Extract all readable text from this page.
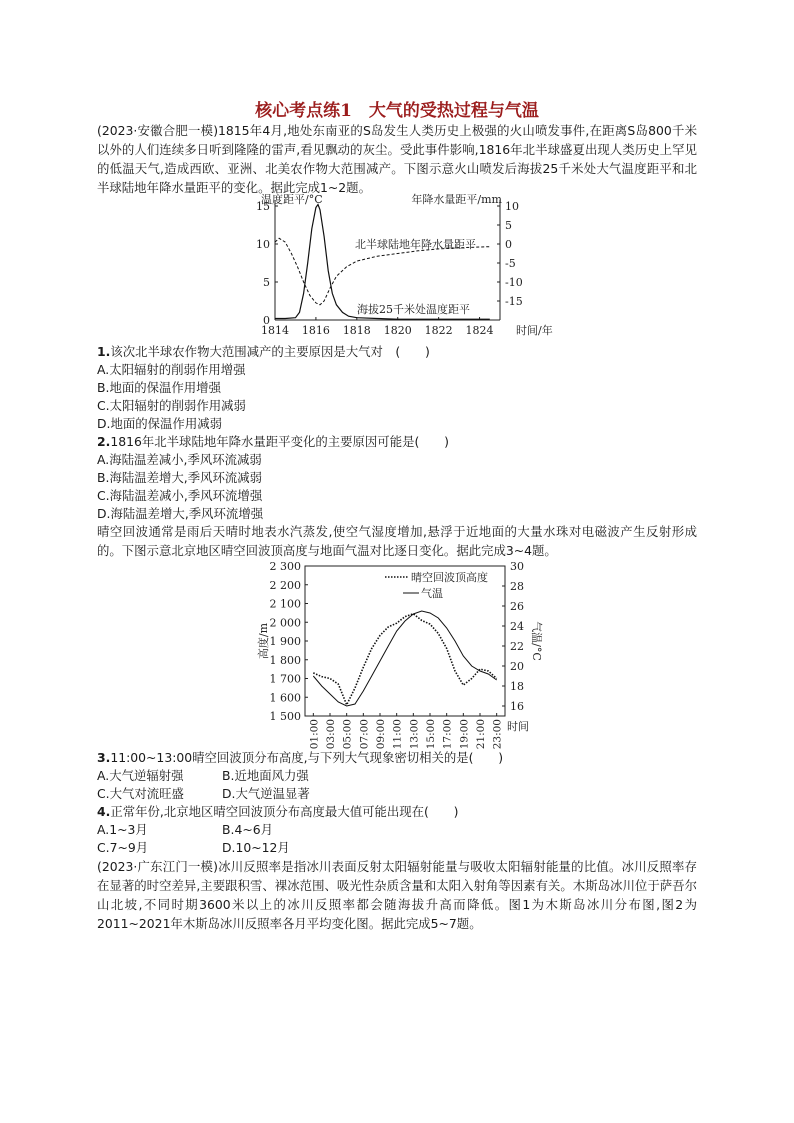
核心考点练1　大气的受热过程与气温

(2023·安徽合肥一模)1815年4月,地处东南亚的S岛发生人类历史上极强的火山喷发事件,在距离S岛800千米以外的人们连续多日听到隆隆的雷声,看见飘动的灰尘。受此事件影响,1816年北半球盛夏出现人类历史上罕见的低温天气,造成西欧、亚洲、北美农作物大范围减产。下图示意火山喷发后海拔25千米处大气温度距平和北半球陆地年降水量距平的变化。据此完成1~2题。

0
5
10
15	10
5
0
-5
-10
-15
1814 1816 1818 1820 1822 1824 时间/年
温度距平/°C	年降水量距平/mm
北半球陆地年降水量距平
海拔25千米处温度距平
1.该次北半球农作物大范围减产的主要原因是大气对　(　　)
A.太阳辐射的削弱作用增强
B.地面的保温作用增强
C.太阳辐射的削弱作用减弱
D.地面的保温作用减弱
2.1816年北半球陆地年降水量距平变化的主要原因可能是(　　)
A.海陆温差减小,季风环流减弱
B.海陆温差增大,季风环流减弱
C.海陆温差减小,季风环流增强
D.海陆温差增大,季风环流增强

晴空回波通常是雨后天晴时地表水汽蒸发,使空气湿度增加,悬浮于近地面的大量水珠对电磁波产生反射形成的。下图示意北京地区晴空回波顶高度与地面气温对比逐日变化。据此完成3~4题。

1 500
1 600
1 700
1 800
1 900
2 000
2 100
2 200
2 300
16
18
20
22
24
26
28
30
01:00 03:00 05:00 07:00 09:00 11:00 13:00 15:00 17:00 19:00 21:00 23:00 时间
高度/m	气温/°C
晴空回波顶高度
气温
3.11:00~13:00晴空回波顶分布高度,与下列大气现象密切相关的是(　　)
A.大气逆辐射强	B.近地面风力强
C.大气对流旺盛	D.大气逆温显著
4.正常年份,北京地区晴空回波顶分布高度最大值可能出现在(　　)
A.1~3月	B.4~6月
C.7~9月	D.10~12月

(2023·广东江门一模)冰川反照率是指冰川表面反射太阳辐射能量与吸收太阳辐射能量的比值。冰川反照率存在显著的时空差异,主要跟积雪、裸冰范围、吸光性杂质含量和太阳入射角等因素有关。木斯岛冰川位于萨吾尔山北坡,不同时期3600米以上的冰川反照率都会随海拔升高而降低。图1为木斯岛冰川分布图,图2为2011~2021年木斯岛冰川反照率各月平均变化图。据此完成5~7题。
